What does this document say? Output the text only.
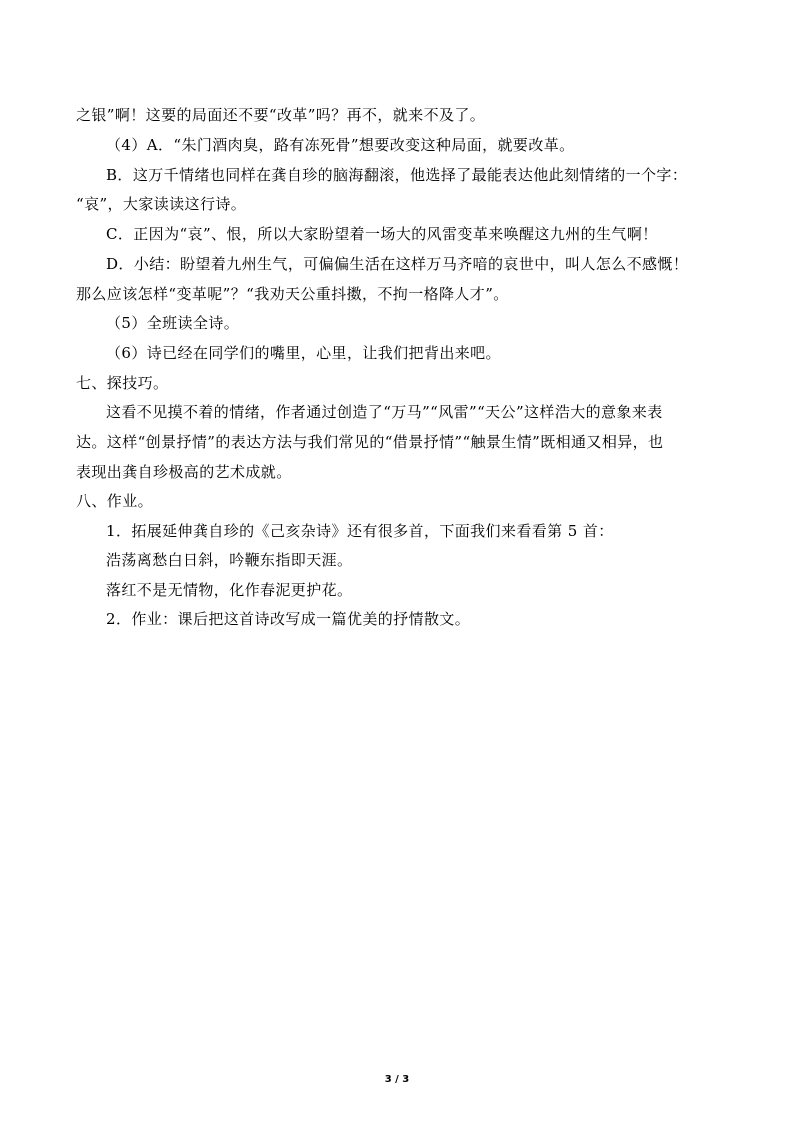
之银”啊！这要的局面还不要“改革”吗？再不，就来不及了。
（4）A．“朱门酒肉臭，路有冻死骨”想要改变这种局面，就要改革。
B．这万千情绪也同样在龚自珍的脑海翻滚，他选择了最能表达他此刻情绪的一个字：
“哀”，大家读读这行诗。
C．正因为“哀”、恨，所以大家盼望着一场大的风雷变革来唤醒这九州的生气啊！
D．小结：盼望着九州生气，可偏偏生活在这样万马齐喑的哀世中，叫人怎么不感慨！
那么应该怎样“变革呢”？“我劝天公重抖擞，不拘一格降人才”。
（5）全班读全诗。
（6）诗已经在同学们的嘴里，心里，让我们把背出来吧。
七、探技巧。
这看不见摸不着的情绪，作者通过创造了“万马”“风雷”“天公”这样浩大的意象来表
达。这样“创景抒情”的表达方法与我们常见的“借景抒情”“触景生情”既相通又相异，也
表现出龚自珍极高的艺术成就。
八、作业。
1．拓展延伸龚自珍的《己亥杂诗》还有很多首，下面我们来看看第 5 首：
浩荡离愁白日斜，吟鞭东指即天涯。
落红不是无情物，化作春泥更护花。
2．作业：课后把这首诗改写成一篇优美的抒情散文。
3 / 3
